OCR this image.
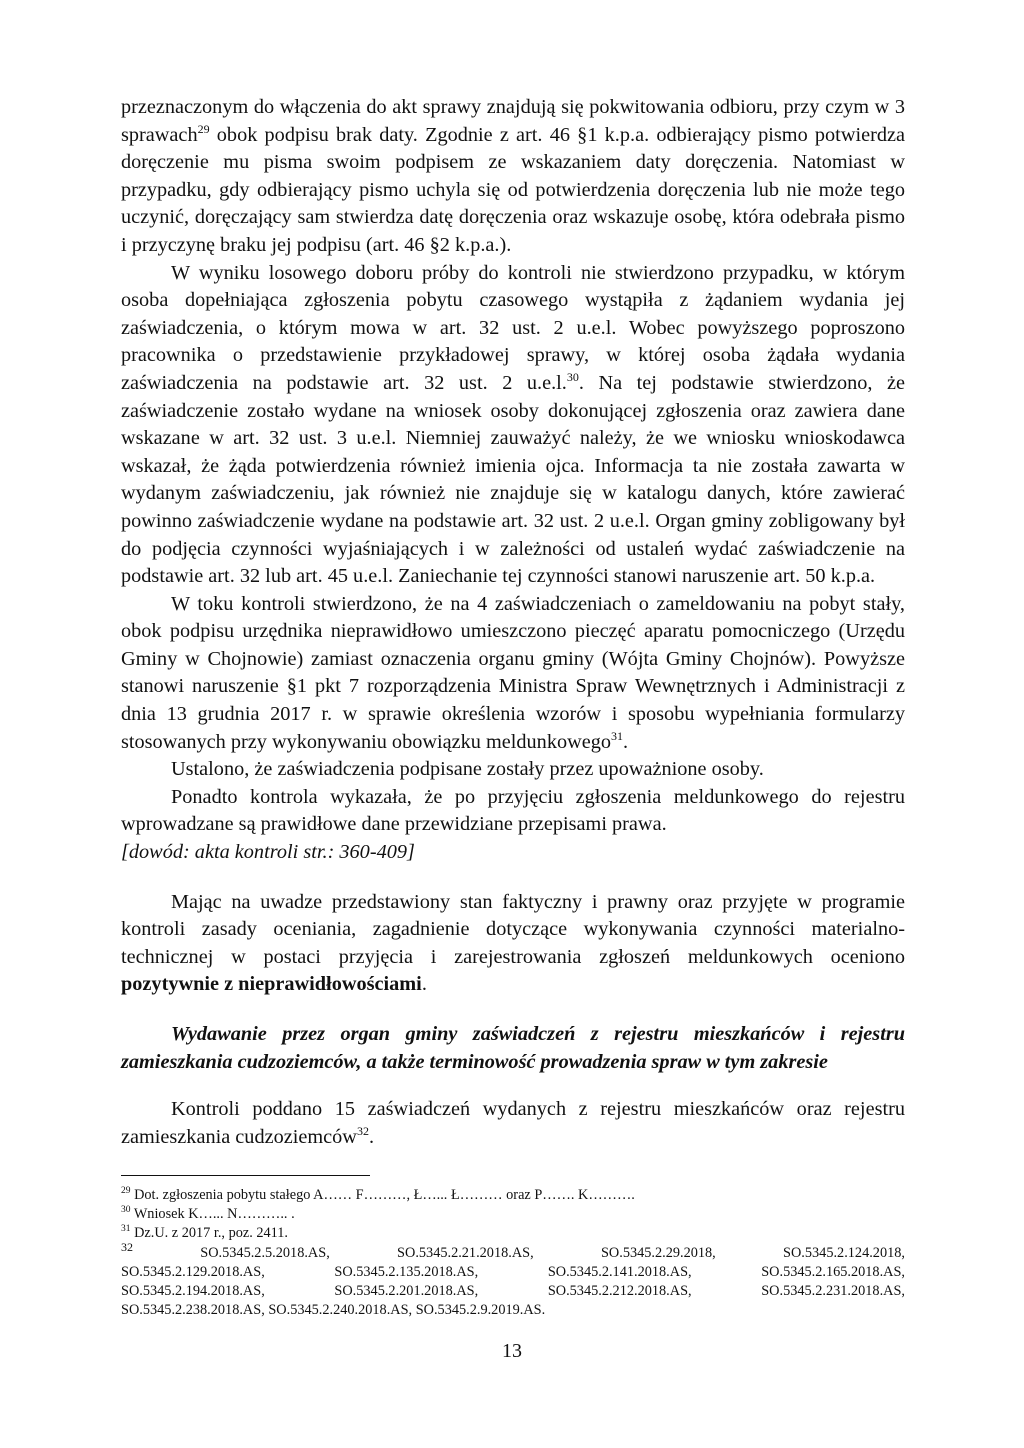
przeznaczonym do włączenia do akt sprawy znajdują się pokwitowania odbioru, przy czym w 3 sprawach$^{29}$ obok podpisu brak daty. Zgodnie z art. 46 §1 k.p.a. odbierający pismo potwierdza doręczenie mu pisma swoim podpisem ze wskazaniem daty doręczenia. Natomiast w przypadku, gdy odbierający pismo uchyla się od potwierdzenia doręczenia lub nie może tego uczynić, doręczający sam stwierdza datę doręczenia oraz wskazuje osobę, która odebrała pismo i przyczynę braku jej podpisu (art. 46 §2 k.p.a.).

W wyniku losowego doboru próby do kontroli nie stwierdzono przypadku, w którym osoba dopełniająca zgłoszenia pobytu czasowego wystąpiła z żądaniem wydania jej zaświadczenia, o którym mowa w art. 32 ust. 2 u.e.l. Wobec powyższego poproszono pracownika o przedstawienie przykładowej sprawy, w której osoba żądała wydania zaświadczenia na podstawie art. 32 ust. 2 u.e.l.$^{30}$. Na tej podstawie stwierdzono, że zaświadczenie zostało wydane na wniosek osoby dokonującej zgłoszenia oraz zawiera dane wskazane w art. 32 ust. 3 u.e.l. Niemniej zauważyć należy, że we wniosku wnioskodawca wskazał, że żąda potwierdzenia również imienia ojca. Informacja ta nie została zawarta w wydanym zaświadczeniu, jak również nie znajduje się w katalogu danych, które zawierać powinno zaświadczenie wydane na podstawie art. 32 ust. 2 u.e.l. Organ gminy zobligowany był do podjęcia czynności wyjaśniających i w zależności od ustaleń wydać zaświadczenie na podstawie art. 32 lub art. 45 u.e.l. Zaniechanie tej czynności stanowi naruszenie art. 50 k.p.a.

W toku kontroli stwierdzono, że na 4 zaświadczeniach o zameldowaniu na pobyt stały, obok podpisu urzędnika nieprawidłowo umieszczono pieczęć aparatu pomocniczego (Urzędu Gminy w Chojnowie) zamiast oznaczenia organu gminy (Wójta Gminy Chojnów). Powyższe stanowi naruszenie §1 pkt 7 rozporządzenia Ministra Spraw Wewnętrznych i Administracji z dnia 13 grudnia 2017 r. w sprawie określenia wzorów i sposobu wypełniania formularzy stosowanych przy wykonywaniu obowiązku meldunkowego$^{31}$.

Ustalono, że zaświadczenia podpisane zostały przez upoważnione osoby.

Ponadto kontrola wykazała, że po przyjęciu zgłoszenia meldunkowego do rejestru wprowadzane są prawidłowe dane przewidziane przepisami prawa.

[dowód: akta kontroli str.: 360-409]

Mając na uwadze przedstawiony stan faktyczny i prawny oraz przyjęte w programie kontroli zasady oceniania, zagadnienie dotyczące wykonywania czynności materialno-technicznej w postaci przyjęcia i zarejestrowania zgłoszeń meldunkowych oceniono pozytywnie z nieprawidłowościami.

Wydawanie przez organ gminy zaświadczeń z rejestru mieszkańców i rejestru zamieszkania cudzoziemców, a także terminowość prowadzenia spraw w tym zakresie

Kontroli poddano 15 zaświadczeń wydanych z rejestru mieszkańców oraz rejestru zamieszkania cudzoziemców$^{32}$.

$^{29}$ Dot. zgłoszenia pobytu stałego A…… F………, Ł…... Ł……… oraz P……. K……….

$^{30}$ Wniosek K…... N……….. .

$^{31}$ Dz.U. z 2017 r., poz. 2411.

$^{32}$	SO.5345.2.5.2018.AS,	SO.5345.2.21.2018.AS,	SO.5345.2.29.2018,	SO.5345.2.124.2018,
SO.5345.2.129.2018.AS,	SO.5345.2.135.2018.AS,	SO.5345.2.141.2018.AS,	SO.5345.2.165.2018.AS,
SO.5345.2.194.2018.AS,	SO.5345.2.201.2018.AS,	SO.5345.2.212.2018.AS,	SO.5345.2.231.2018.AS,

SO.5345.2.238.2018.AS, SO.5345.2.240.2018.AS, SO.5345.2.9.2019.AS.

13
